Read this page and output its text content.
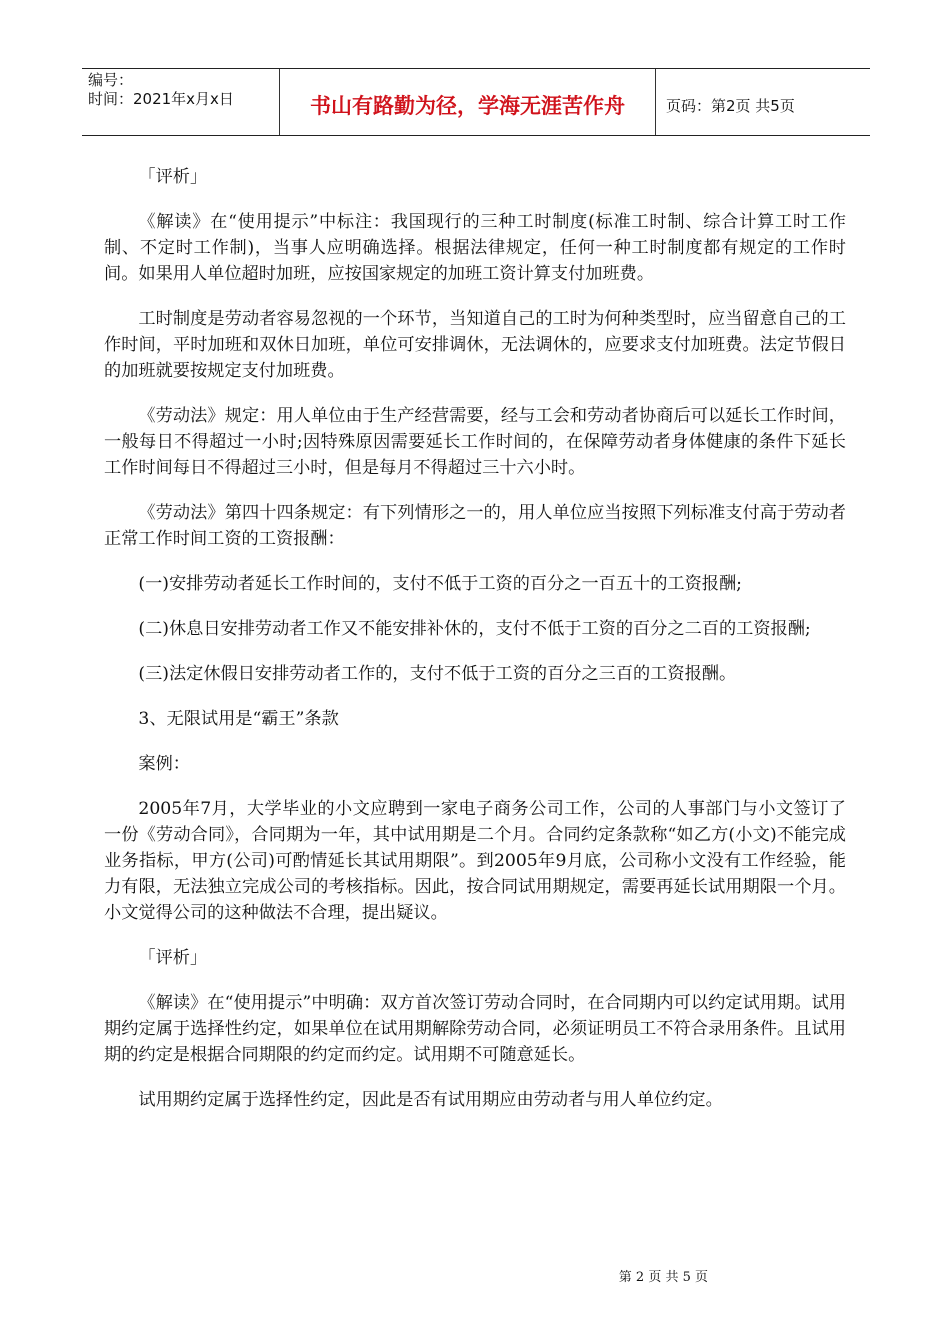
编号：
时间：2021年x月x日	书山有路勤为径，学海无涯苦作舟	页码：第2页 共5页

「评析」

《解读》在“使用提示”中标注：我国现行的三种工时制度(标准工时制、综合计算工时工作制、不定时工作制)，当事人应明确选择。根据法律规定，任何一种工时制度都有规定的工作时间。如果用人单位超时加班，应按国家规定的加班工资计算支付加班费。

工时制度是劳动者容易忽视的一个环节，当知道自己的工时为何种类型时，应当留意自己的工作时间，平时加班和双休日加班，单位可安排调休，无法调休的，应要求支付加班费。法定节假日的加班就要按规定支付加班费。

《劳动法》规定：用人单位由于生产经营需要，经与工会和劳动者协商后可以延长工作时间，一般每日不得超过一小时;因特殊原因需要延长工作时间的，在保障劳动者身体健康的条件下延长工作时间每日不得超过三小时，但是每月不得超过三十六小时。

《劳动法》第四十四条规定：有下列情形之一的，用人单位应当按照下列标准支付高于劳动者正常工作时间工资的工资报酬：

(一)安排劳动者延长工作时间的，支付不低于工资的百分之一百五十的工资报酬;

(二)休息日安排劳动者工作又不能安排补休的，支付不低于工资的百分之二百的工资报酬;

(三)法定休假日安排劳动者工作的，支付不低于工资的百分之三百的工资报酬。

3、无限试用是“霸王”条款

案例：

2005年7月，大学毕业的小文应聘到一家电子商务公司工作，公司的人事部门与小文签订了一份《劳动合同》，合同期为一年，其中试用期是二个月。合同约定条款称“如乙方(小文)不能完成业务指标，甲方(公司)可酌情延长其试用期限”。到2005年9月底，公司称小文没有工作经验，能力有限，无法独立完成公司的考核指标。因此，按合同试用期规定，需要再延长试用期限一个月。小文觉得公司的这种做法不合理，提出疑议。

「评析」

《解读》在“使用提示”中明确：双方首次签订劳动合同时，在合同期内可以约定试用期。试用期约定属于选择性约定，如果单位在试用期解除劳动合同，必须证明员工不符合录用条件。且试用期的约定是根据合同期限的约定而约定。试用期不可随意延长。

试用期约定属于选择性约定，因此是否有试用期应由劳动者与用人单位约定。

第 2 页 共 5 页
